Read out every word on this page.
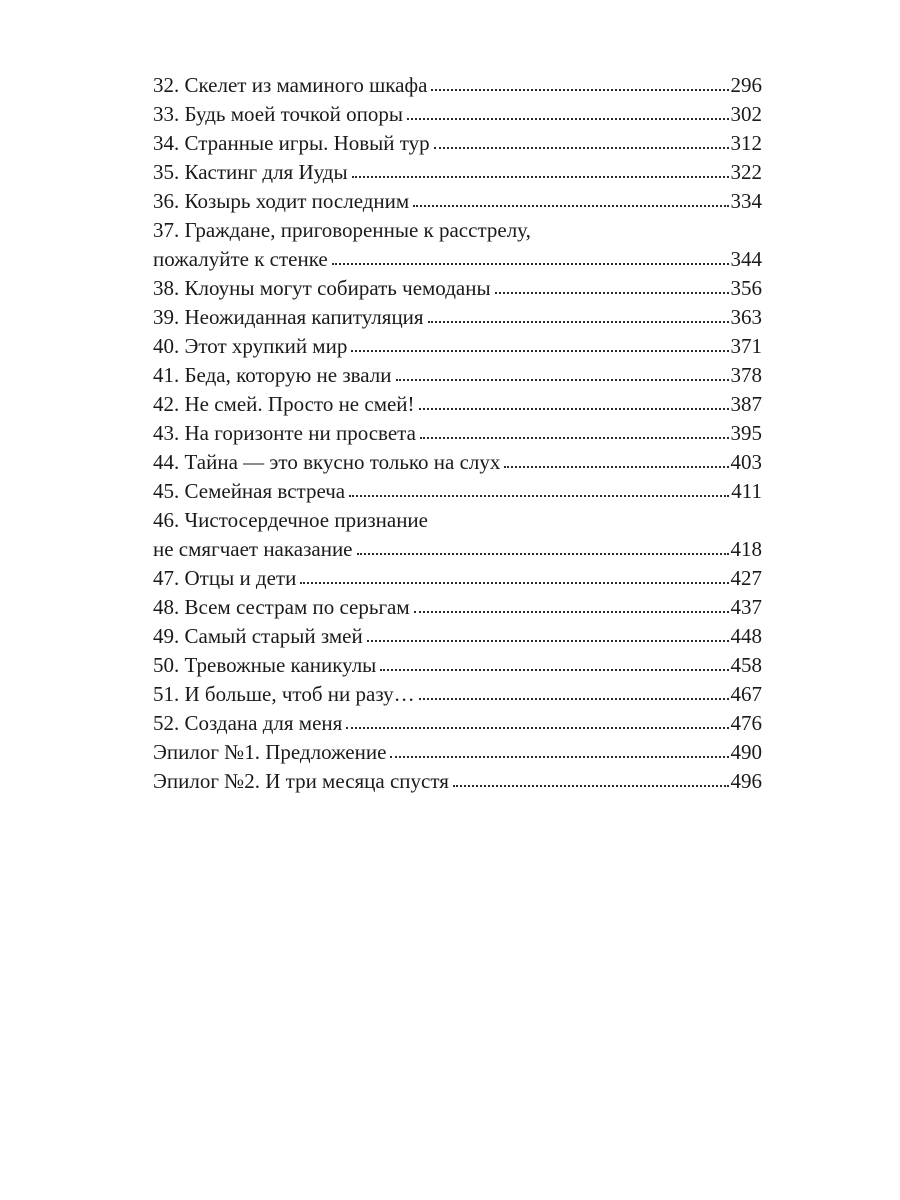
32. Скелет из маминого шкафа	296
33. Будь моей точкой опоры	302
34. Странные игры. Новый тур	312
35. Кастинг для Иуды	322
36. Козырь ходит последним	334
37. Граждане, приговоренные к расстрелу,
пожалуйте к стенке	344
38. Клоуны могут собирать чемоданы	356
39. Неожиданная капитуляция	363
40. Этот хрупкий мир	371
41. Беда, которую не звали	378
42. Не смей. Просто не смей!	387
43. На горизонте ни просвета	395
44. Тайна — это вкусно только на слух	403
45. Семейная встреча	411
46. Чистосердечное признание
не смягчает наказание	418
47. Отцы и дети	427
48. Всем сестрам по серьгам	437
49. Самый старый змей	448
50. Тревожные каникулы	458
51. И больше, чтоб ни разу…	467
52. Создана для меня	476
Эпилог №1. Предложение	490
Эпилог №2. И три месяца спустя	496
